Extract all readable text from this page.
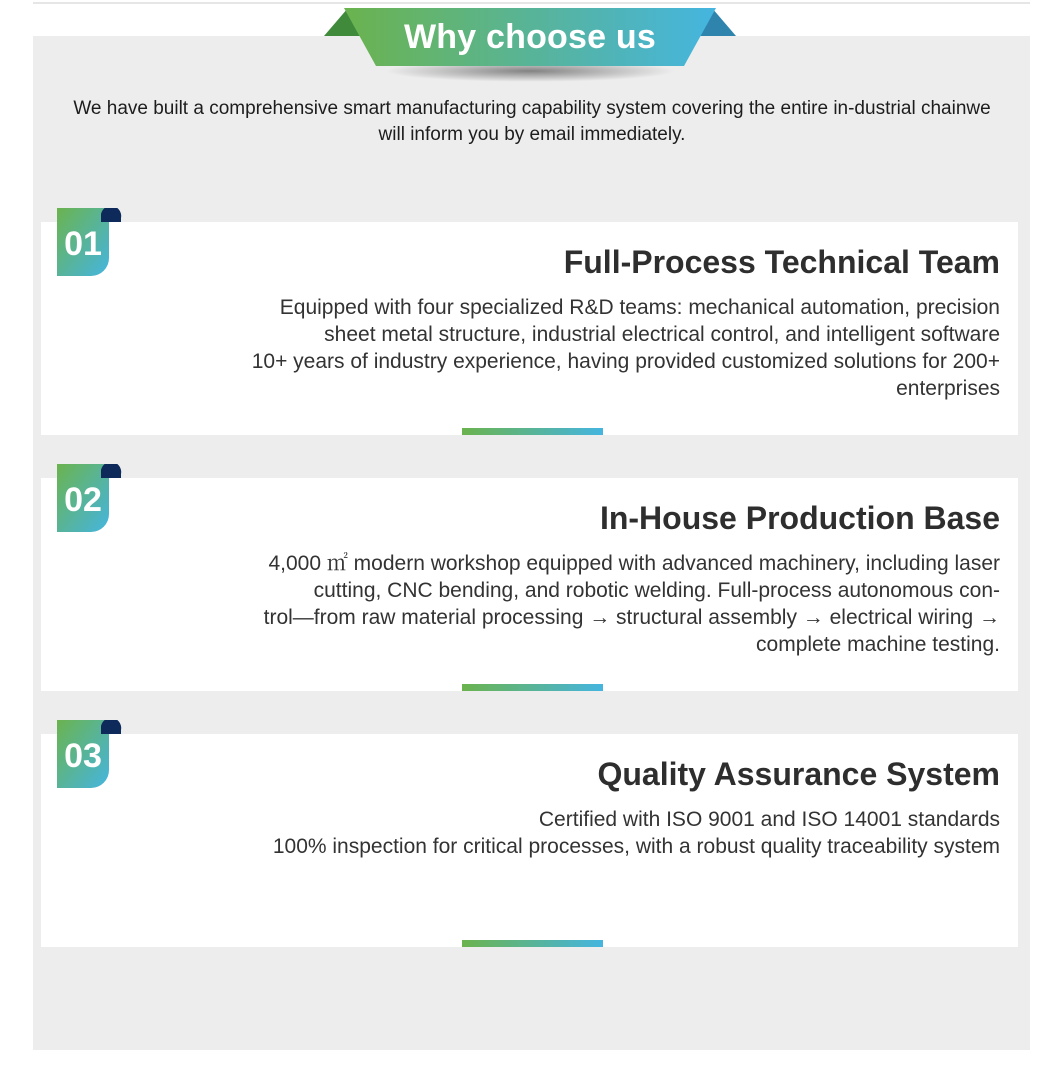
Why choose us
We have built a comprehensive smart manufacturing capability system covering the entire in-dustrial chainwe will inform you by email immediately.
Full-Process Technical Team
Equipped with four specialized R&D teams: mechanical automation, precision
sheet metal structure, industrial electrical control, and intelligent software
10+ years of industry experience, having provided customized solutions for 200+
enterprises
01
In-House Production Base
4,000 ㎡ modern workshop equipped with advanced machinery, including laser
cutting, CNC bending, and robotic welding. Full-process autonomous con-
trol—from raw material processing → structural assembly → electrical wiring →
complete machine testing.
02
Quality Assurance System
Certified with ISO 9001 and ISO 14001 standards
100% inspection for critical processes, with a robust quality traceability system
03
